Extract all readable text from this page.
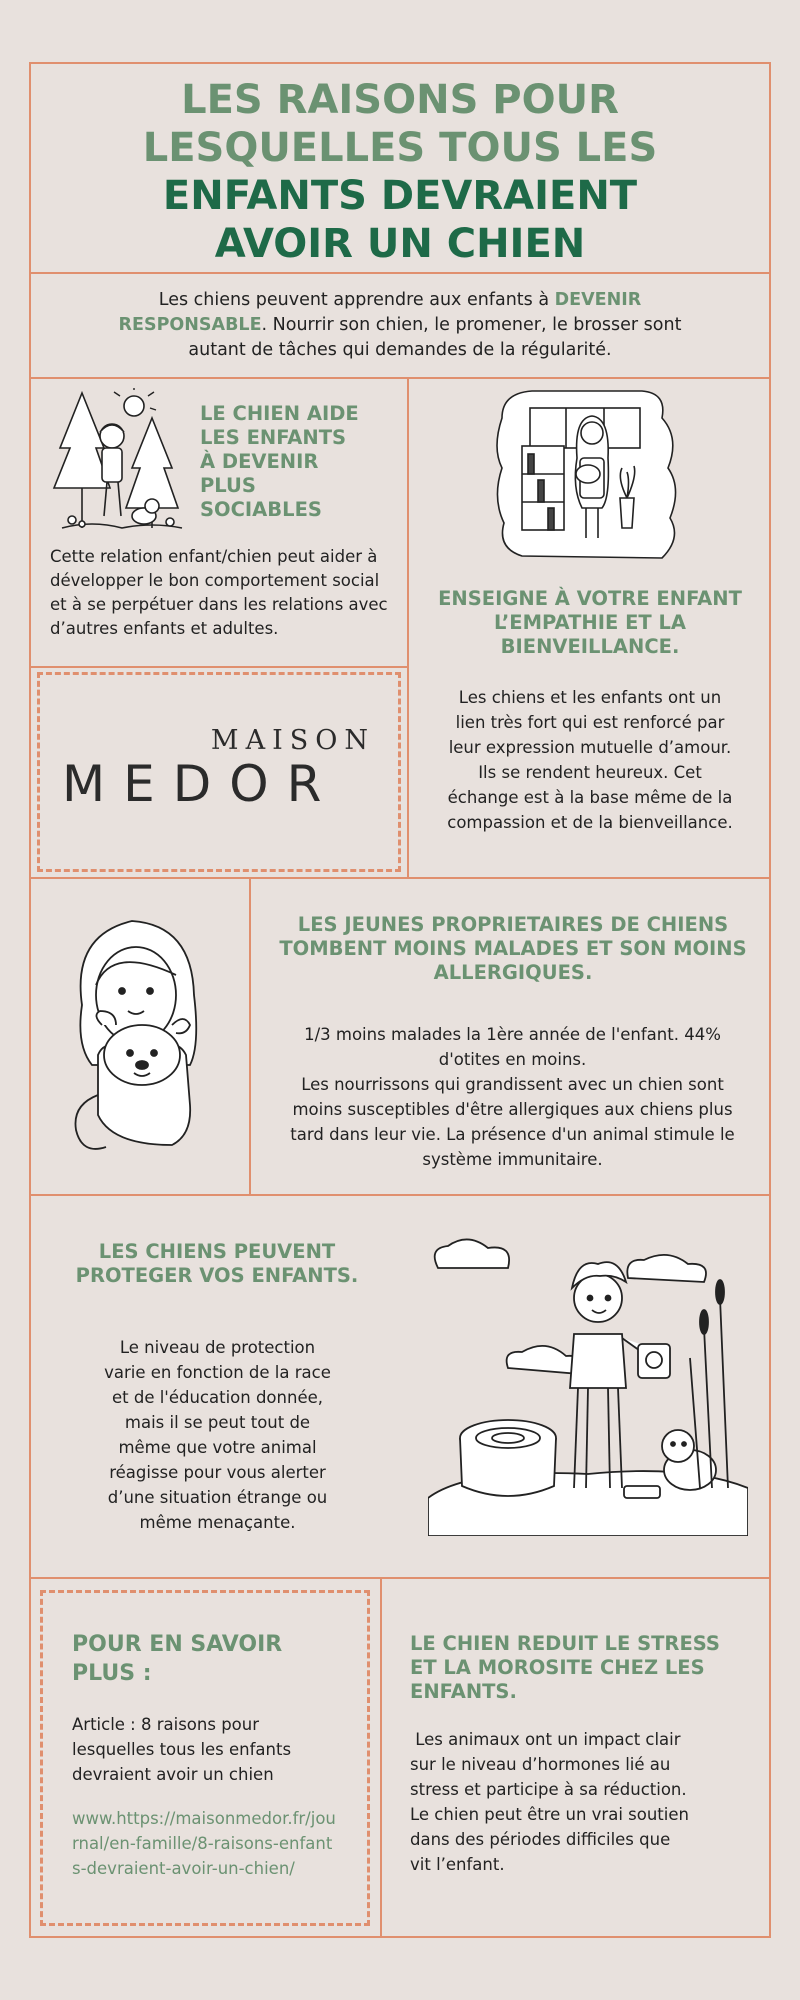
LES RAISONS POUR
LESQUELLES TOUS LES
ENFANTS DEVRAIENT
AVOIR UN CHIEN
Les chiens peuvent apprendre aux enfants à DEVENIR RESPONSABLE. Nourrir son chien, le promener, le brosser sont autant de tâches qui demandes de la régularité.
LE CHIEN AIDE
LES ENFANTS
À DEVENIR
PLUS
SOCIABLES
Cette relation enfant/chien peut aider à développer le bon comportement social et à se perpétuer dans les relations avec d’autres enfants et adultes.
MAISON
MEDOR
ENSEIGNE À VOTRE ENFANT L’EMPATHIE ET LA BIENVEILLANCE.
Les chiens et les enfants ont un lien très fort qui est renforcé par leur expression mutuelle d’amour. Ils se rendent heureux. Cet échange est à la base même de la compassion et de la bienveillance.
LES JEUNES PROPRIETAIRES DE CHIENS TOMBENT MOINS MALADES ET SON MOINS ALLERGIQUES.
1/3 moins malades la 1ère année de l'enfant. 44% d'otites en moins.
Les nourrissons qui grandissent avec un chien sont moins susceptibles d'être allergiques aux chiens plus tard dans leur vie. La présence d'un animal stimule le système immunitaire.
LES CHIENS PEUVENT PROTEGER VOS ENFANTS.
Le niveau de protection varie en fonction de la race et de l'éducation donnée, mais il se peut tout de même que votre animal réagisse pour vous alerter d’une situation étrange ou même menaçante.
POUR EN SAVOIR PLUS :
Article : 8 raisons pour lesquelles tous les enfants devraient avoir un chien
www.https://maisonmedor.fr/journal/en-famille/8-raisons-enfants-devraient-avoir-un-chien/
LE CHIEN REDUIT LE STRESS ET LA MOROSITE CHEZ LES ENFANTS.
Les animaux ont un impact clair sur le niveau d’hormones lié au stress et participe à sa réduction.  Le chien peut être un vrai soutien dans des périodes difficiles que vit l’enfant.
